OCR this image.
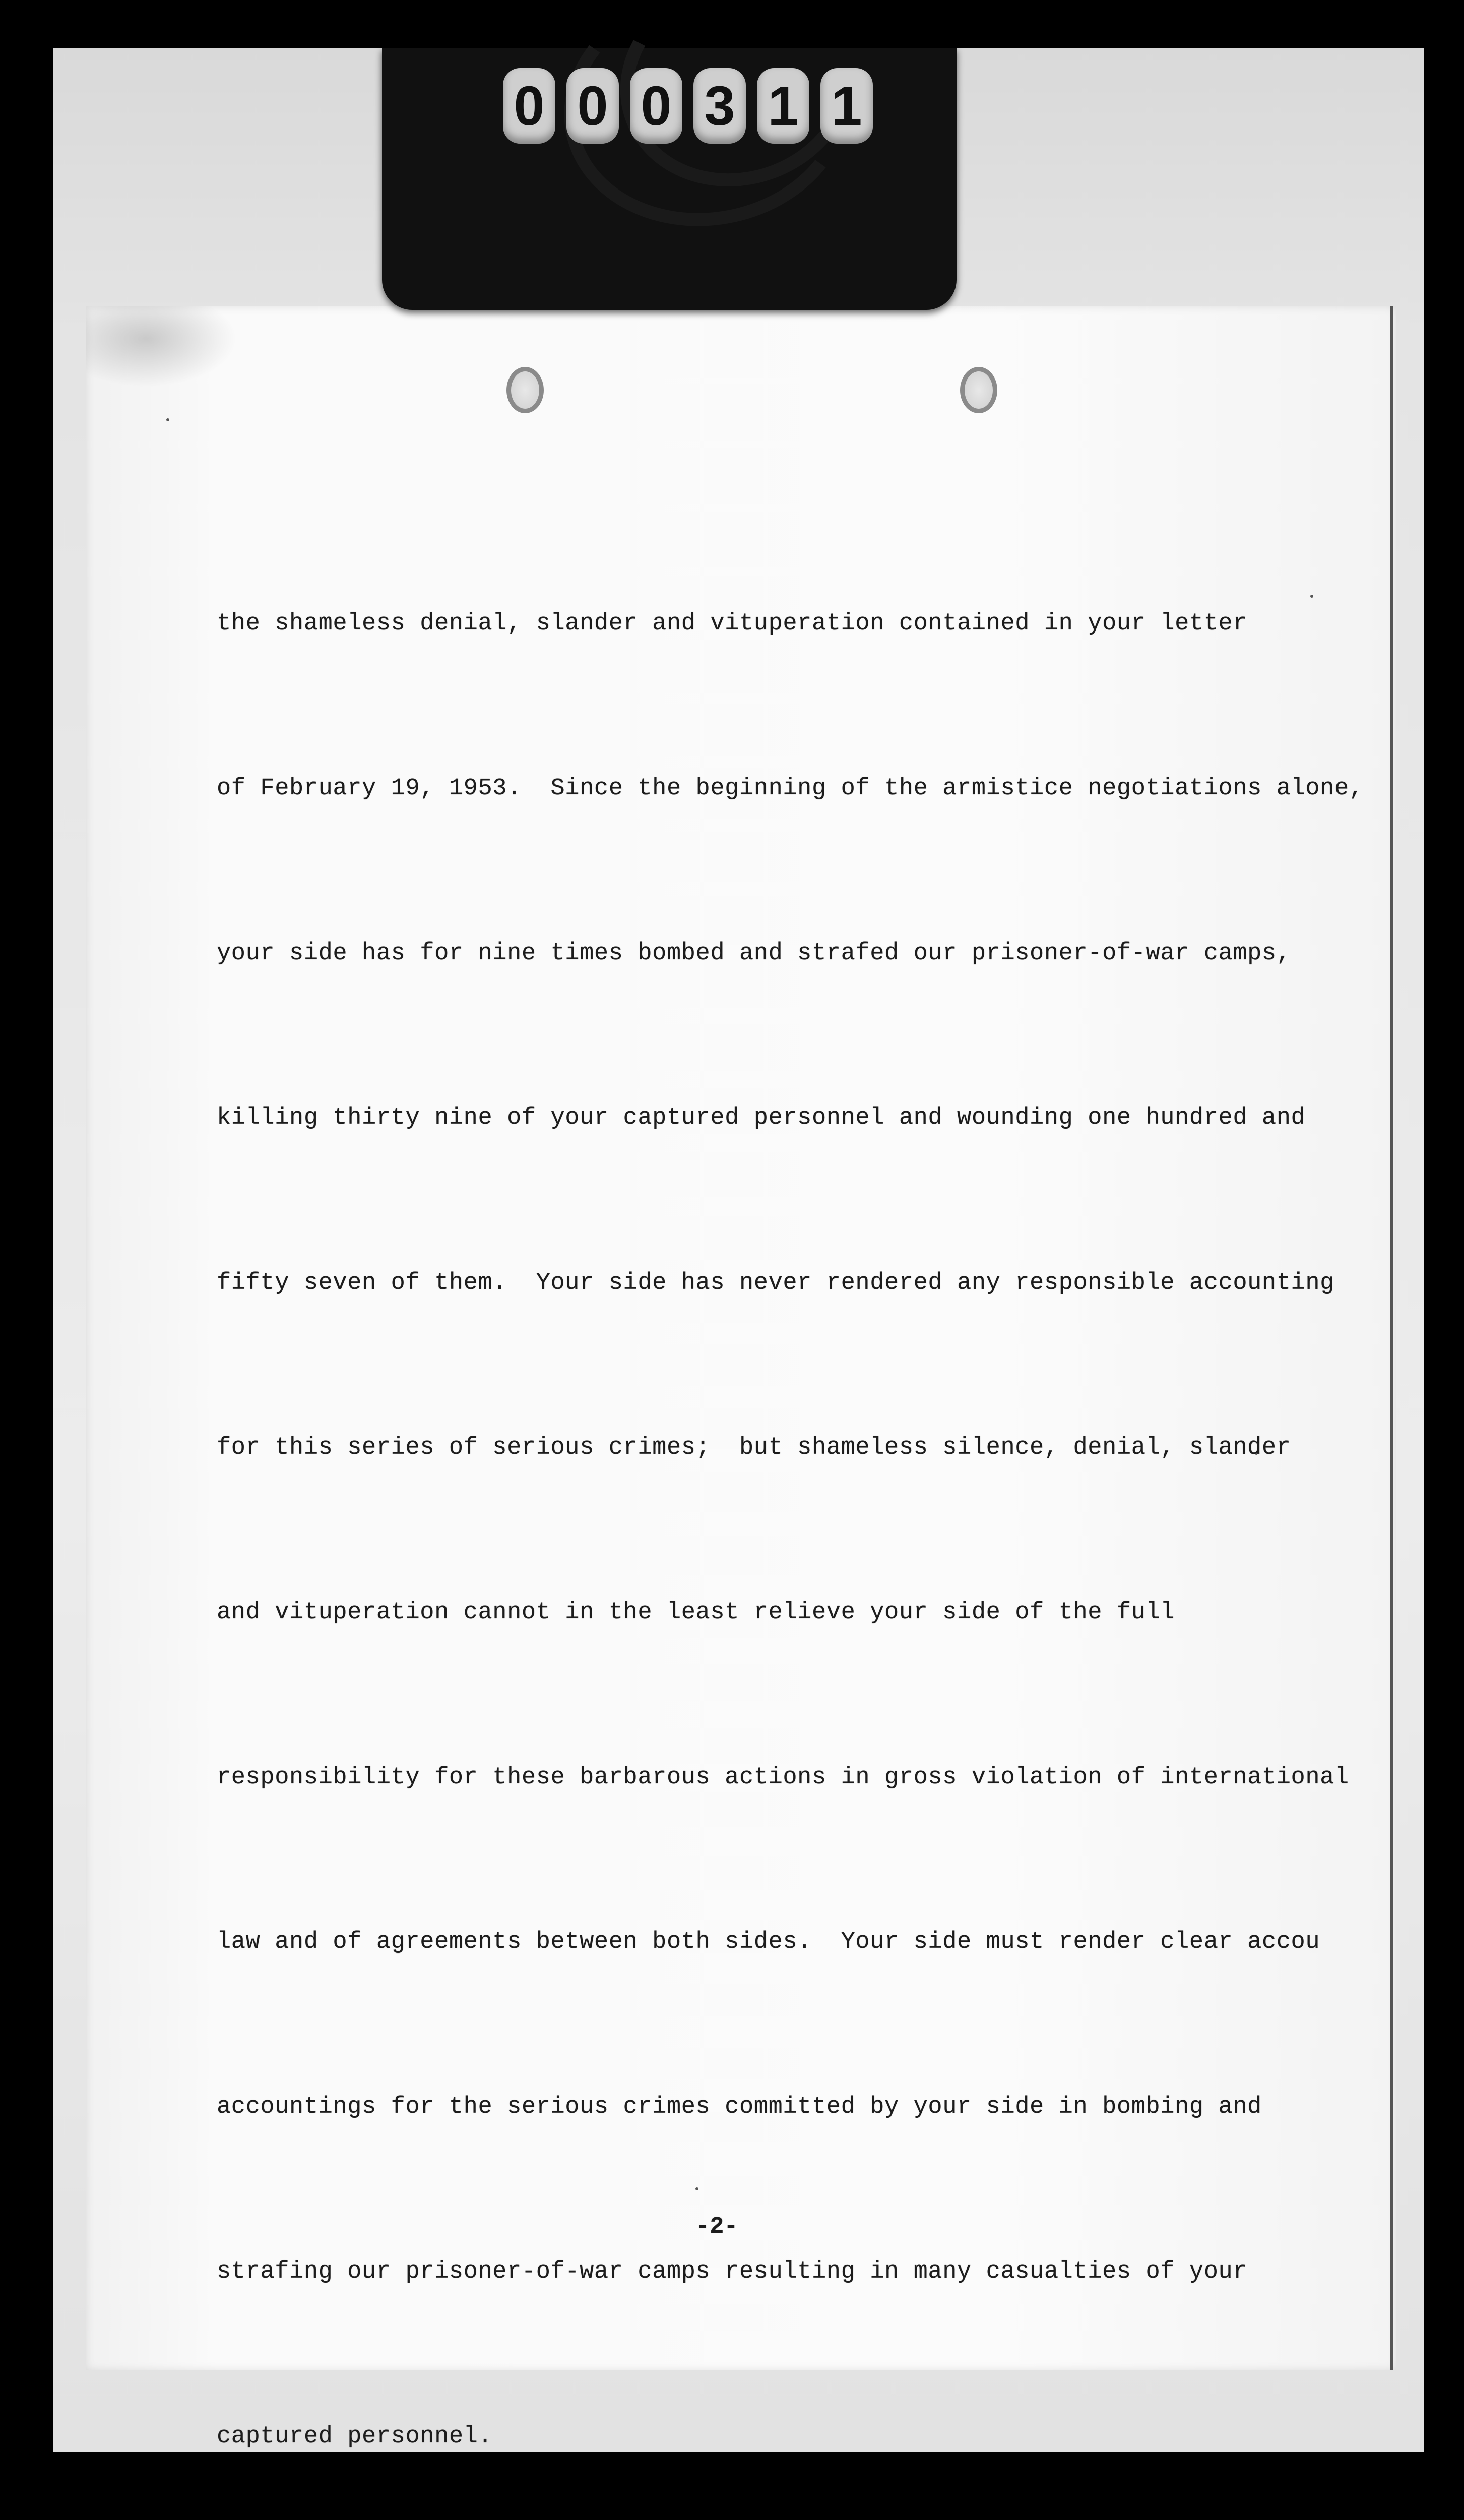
0 0 0 3 1 1

the shameless denial, slander and vituperation contained in your letter

of February 19, 1953.  Since the beginning of the armistice negotiations alone,

your side has for nine times bombed and strafed our prisoner-of-war camps,

killing thirty nine of your captured personnel and wounding one hundred and

fifty seven of them.  Your side has never rendered any responsible accounting

for this series of serious crimes;  but shameless silence, denial, slander

and vituperation cannot in the least relieve your side of the full

responsibility for these barbarous actions in gross violation of international

law and of agreements between both sides.  Your side must render clear accou

accountings for the serious crimes committed by your side in bombing and

strafing our prisoner-of-war camps resulting in many casualties of your

captured personnel.

-2-
